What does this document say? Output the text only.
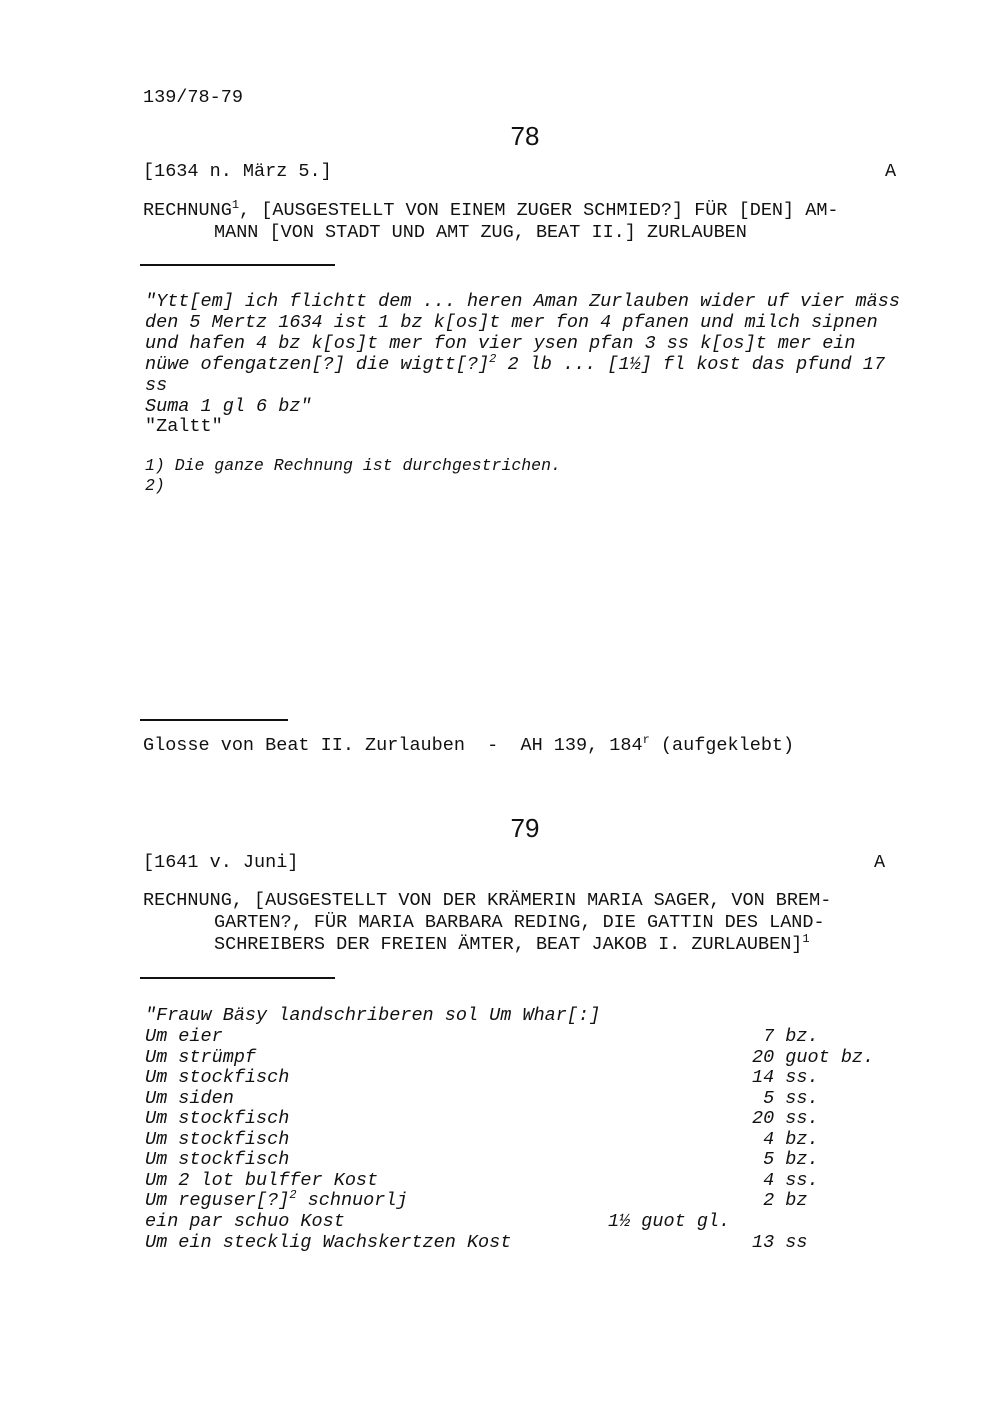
139/78-79
78
[1634 n. März 5.]	A
RECHNUNG$^1$, [AUSGESTELLT VON EINEM ZUGER SCHMIED?] FÜR [DEN] AM-
MANN [VON STADT UND AMT ZUG, BEAT II.] ZURLAUBEN
"Ytt[em] ich flichtt dem ... heren Aman Zurlauben wider uf vier mäss
den 5 Mertz 1634 ist 1 bz k[os]t mer fon 4 pfanen und milch sipnen
und hafen 4 bz k[os]t mer fon vier ysen pfan 3 ss k[os]t mer ein
nüwe ofengatzen[?] die wigtt[?]$^2$ 2 lb ... [1½] fl kost das pfund 17
ss
Suma 1 gl 6 bz"
"Zaltt"
1) Die ganze Rechnung ist durchgestrichen.
2)
Glosse von Beat II. Zurlauben  -  AH 139, 184$^r$ (aufgeklebt)
79
[1641 v. Juni]	A
RECHNUNG, [AUSGESTELLT VON DER KRÄMERIN MARIA SAGER, VON BREM-
GARTEN?, FÜR MARIA BARBARA REDING, DIE GATTIN DES LAND-
SCHREIBERS DER FREIEN ÄMTER, BEAT JAKOB I. ZURLAUBEN]$^1$
"Frauw Bäsy landschriberen sol Um Whar[:]
Um eier	7 bz.
Um strümpf	20 guot bz.
Um stockfisch	14 ss.
Um siden	5 ss.
Um stockfisch	20 ss.
Um stockfisch	4 bz.
Um stockfisch	5 bz.
Um 2 lot bulffer Kost	4 ss.
Um reguser[?]$^2$ schnuorlj	2 bz
ein par schuo Kost	1½ guot gl.
Um ein stecklig Wachskertzen Kost	13 ss
